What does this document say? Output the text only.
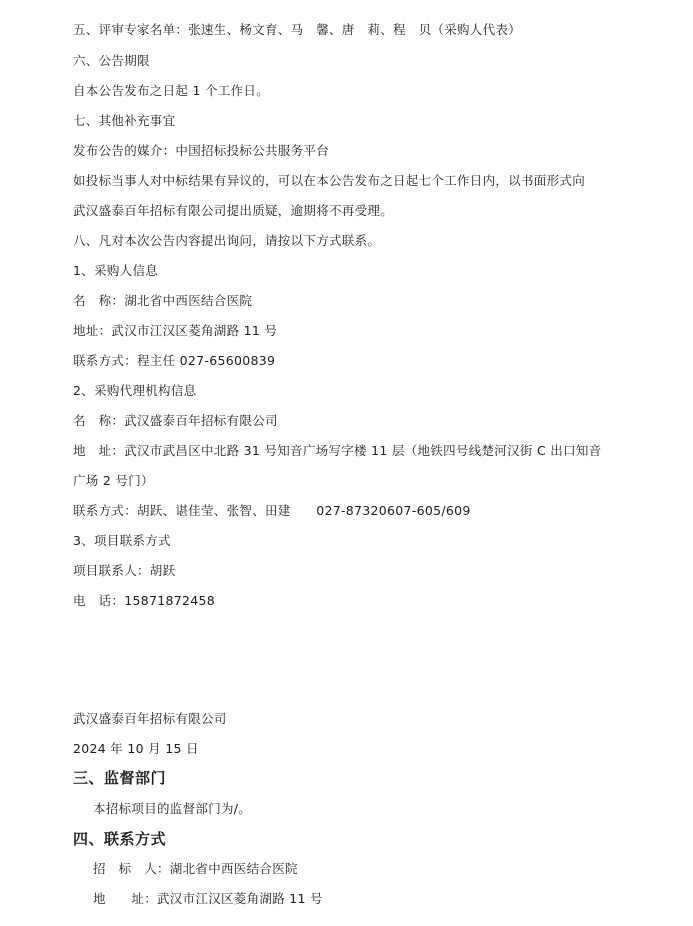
五、评审专家名单：张速生、杨文育、马　馨、唐　莉、程　贝（采购人代表）
六、公告期限
自本公告发布之日起 1 个工作日。
七、其他补充事宜
发布公告的媒介：中国招标投标公共服务平台
如投标当事人对中标结果有异议的，可以在本公告发布之日起七个工作日内，以书面形式向
武汉盛泰百年招标有限公司提出质疑，逾期将不再受理。
八、凡对本次公告内容提出询问，请按以下方式联系。
1、采购人信息
名　称：湖北省中西医结合医院
地址：武汉市江汉区菱角湖路 11 号
联系方式：程主任 027-65600839
2、采购代理机构信息
名　称：武汉盛泰百年招标有限公司
地　址：武汉市武昌区中北路 31 号知音广场写字楼 11 层（地铁四号线楚河汉街 C 出口知音
广场 2 号门）
联系方式：胡跃、谌佳莹、张智、田建　　027-87320607-605/609
3、项目联系方式
项目联系人：胡跃
电　话：15871872458
武汉盛泰百年招标有限公司
2024 年 10 月 15 日
三、监督部门
本招标项目的监督部门为/。
四、联系方式
招　标　人：湖北省中西医结合医院
地　　址：武汉市江汉区菱角湖路 11 号
